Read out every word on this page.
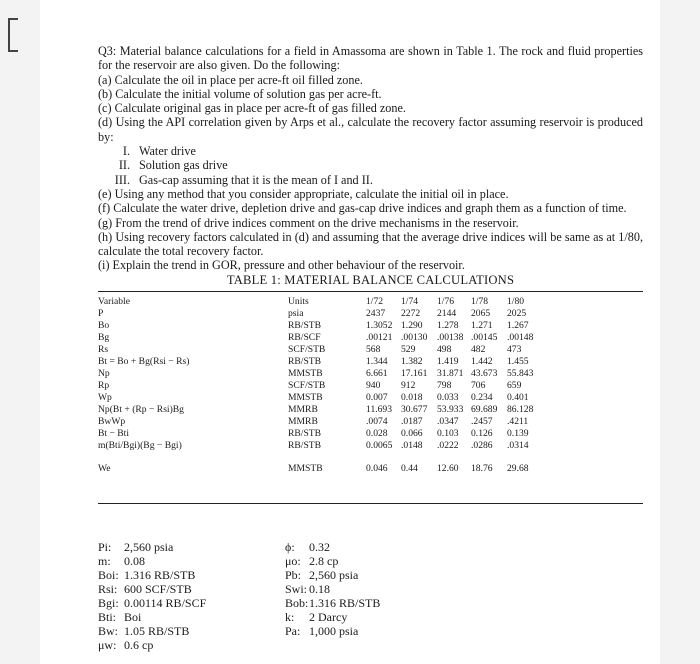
Q3: Material balance calculations for a field in Amassoma are shown in Table 1. The rock and fluid properties for the reservoir are also given. Do the following:

(a) Calculate the oil in place per acre-ft oil filled zone.

(b) Calculate the initial volume of solution gas per acre-ft.

(c) Calculate original gas in place per acre-ft of gas filled zone.

(d) Using the API correlation given by Arps et al., calculate the recovery factor assuming reservoir is produced by:

I. Water drive
II. Solution gas drive
III. Gas-cap assuming that it is the mean of I and II.

(e) Using any method that you consider appropriate, calculate the initial oil in place.

(f) Calculate the water drive, depletion drive and gas-cap drive indices and graph them as a function of time.

(g) From the trend of drive indices comment on the drive mechanisms in the reservoir.

(h) Using recovery factors calculated in (d) and assuming that the average drive indices will be same as at 1/80, calculate the total recovery factor.

(i) Explain the trend in GOR, pressure and other behaviour of the reservoir.

TABLE 1: MATERIAL BALANCE CALCULATIONS

Variable	Units	1/72 1/74 1/76 1/78 1/80
P	psia	2437 2272 2144 2065 2025
Bo	RB/STB	1.3052 1.290 1.278 1.271 1.267
Bg	RB/SCF	.00121 .00130 .00138 .00145 .00148
Rs	SCF/STB	568 529 498 482 473
Bt = Bo + Bg(Rsi − Rs)	RB/STB	1.344 1.382 1.419 1.442 1.455
Np	MMSTB	6.661 17.161 31.871 43.673 55.843
Rp	SCF/STB	940 912 798 706 659
Wp	MMSTB	0.007 0.018 0.033 0.234 0.401
Np(Bt + (Rp − Rsi)Bg	MMRB	11.693 30.677 53.933 69.689 86.128
BwWp	MMRB	.0074 .0187 .0347 .2457 .4211
Bt − Bti	RB/STB	0.028 0.066 0.103 0.126 0.139
m(Bti/Bgi)(Bg − Bgi)	RB/STB	0.0065 .0148 .0222 .0286 .0314
We	MMSTB	0.046 0.44 12.60 18.76 29.68
Pi:	2,560 psia
m:	0.08
Boi: 1.316 RB/STB
Rsi: 600 SCF/STB
Bgi: 0.00114 RB/SCF
Bti: Boi
Bw: 1.05 RB/STB
μw: 0.6 cp
ϕ:	0.32
μo: 2.8 cp
Pb: 2,560 psia
Swi: 0.18
Bob: 1.316 RB/STB
k:	2 Darcy
Pa: 1,000 psia
